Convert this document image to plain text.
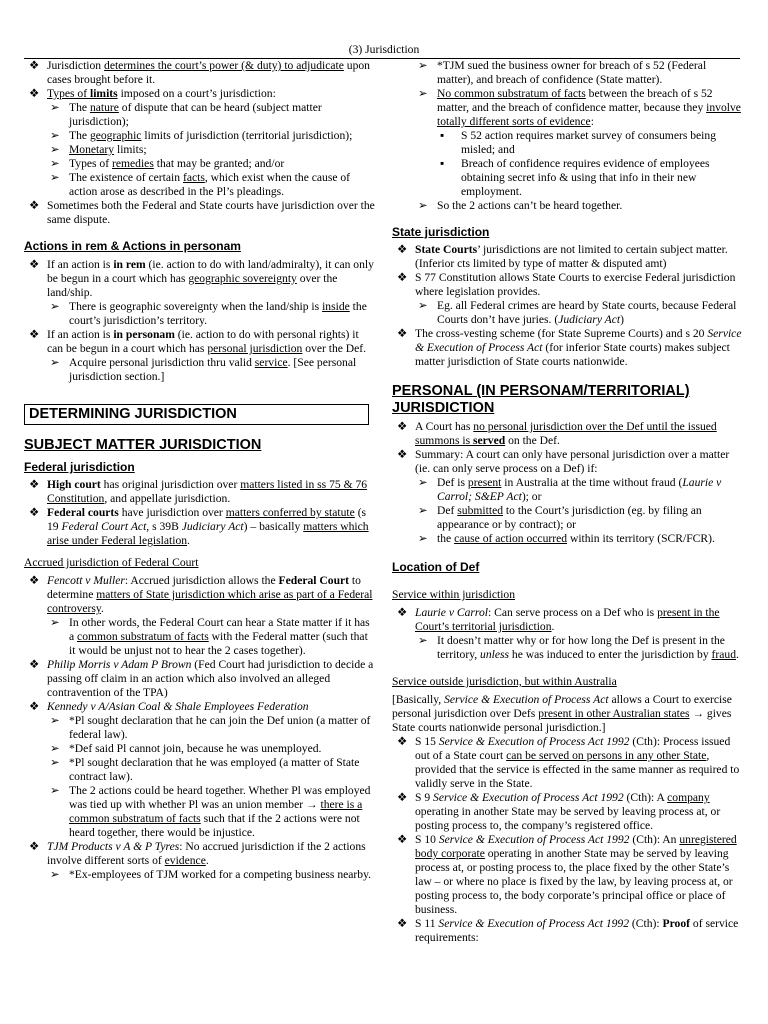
(3) Jurisdiction
❖ Jurisdiction determines the court’s power (& duty) to adjudicate upon cases brought before it.
❖ Types of limits imposed on a court’s jurisdiction:
➢ The nature of dispute that can be heard (subject matter jurisdiction);
➢ The geographic limits of jurisdiction (territorial jurisdiction);
➢ Monetary limits;
➢ Types of remedies that may be granted; and/or
➢ The existence of certain facts, which exist when the cause of action arose as described in the Pl’s pleadings.
❖ Sometimes both the Federal and State courts have jurisdiction over the same dispute.
Actions in rem & Actions in personam
❖ If an action is in rem (ie. action to do with land/admiralty), it can only be begun in a court which has geographic sovereignty over the land/ship.
➢ There is geographic sovereignty when the land/ship is inside the court’s jurisdiction’s territory.
❖ If an action is in personam (ie. action to do with personal rights) it can be begun in a court which has personal jurisdiction over the Def.
➢ Acquire personal jurisdiction thru valid service. [See personal jurisdiction section.]
DETERMINING JURISDICTION
SUBJECT MATTER JURISDICTION
Federal jurisdiction
❖ High court has original jurisdiction over matters listed in ss 75 & 76 Constitution, and appellate jurisdiction.
❖ Federal courts have jurisdiction over matters conferred by statute (s 19 Federal Court Act, s 39B Judiciary Act) – basically matters which arise under Federal legislation.
Accrued jurisdiction of Federal Court
❖ Fencott v Muller: Accrued jurisdiction allows the Federal Court to determine matters of State jurisdiction which arise as part of a Federal controversy.
➢ In other words, the Federal Court can hear a State matter if it has a common substratum of facts with the Federal matter (such that it would be unjust not to hear the 2 cases together).
❖ Philip Morris v Adam P Brown (Fed Court had jurisdiction to decide a passing off claim in an action which also involved an alleged contravention of the TPA)
❖ Kennedy v A/Asian Coal & Shale Employees Federation
➢ *Pl sought declaration that he can join the Def union (a matter of federal law).
➢ *Def said Pl cannot join, because he was unemployed.
➢ *Pl sought declaration that he was employed (a matter of State contract law).
➢ The 2 actions could be heard together. Whether Pl was employed was tied up with whether Pl was an union member → there is a common substratum of facts such that if the 2 actions were not heard together, there would be injustice.
❖ TJM Products v A & P Tyres: No accrued jurisdiction if the 2 actions involve different sorts of evidence.
➢ *Ex-employees of TJM worked for a competing business nearby.
➢ *TJM sued the business owner for breach of s 52 (Federal matter), and breach of confidence (State matter).
➢ No common substratum of facts between the breach of s 52 matter, and the breach of confidence matter, because they involve totally different sorts of evidence:
▪ S 52 action requires market survey of consumers being misled; and
▪ Breach of confidence requires evidence of employees obtaining secret info & using that info in their new employment.
➢ So the 2 actions can’t be heard together.
State jurisdiction
❖ State Courts’ jurisdictions are not limited to certain subject matter. (Inferior cts limited by type of matter & disputed amt)
❖ S 77 Constitution allows State Courts to exercise Federal jurisdiction where legislation provides.
➢ Eg. all Federal crimes are heard by State courts, because Federal Courts don’t have juries. (Judiciary Act)
❖ The cross-vesting scheme (for State Supreme Courts) and s 20 Service & Execution of Process Act (for inferior State courts) makes subject matter jurisdiction of State courts nationwide.
PERSONAL (IN PERSONAM/TERRITORIAL) JURISDICTION
❖ A Court has no personal jurisdiction over the Def until the issued summons is served on the Def.
❖ Summary: A court can only have personal jurisdiction over a matter (ie. can only serve process on a Def) if:
➢ Def is present in Australia at the time without fraud (Laurie v Carrol; S&EP Act); or
➢ Def submitted to the Court’s jurisdiction (eg. by filing an appearance or by contract); or
➢ the cause of action occurred within its territory (SCR/FCR).
Location of Def
Service within jurisdiction
❖ Laurie v Carrol: Can serve process on a Def who is present in the Court’s territorial jurisdiction.
➢ It doesn’t matter why or for how long the Def is present in the territory, unless he was induced to enter the jurisdiction by fraud.
Service outside jurisdiction, but within Australia
[Basically, Service & Execution of Process Act allows a Court to exercise personal jurisdiction over Defs present in other Australian states → gives State courts nationwide personal jurisdiction.]
❖ S 15 Service & Execution of Process Act 1992 (Cth): Process issued out of a State court can be served on persons in any other State, provided that the service is effected in the same manner as required to validly serve in the State.
❖ S 9 Service & Execution of Process Act 1992 (Cth): A company operating in another State may be served by leaving process at, or posting process to, the company’s registered office.
❖ S 10 Service & Execution of Process Act 1992 (Cth): An unregistered body corporate operating in another State may be served by leaving process at, or posting process to, the place fixed by the other State’s law – or where no place is fixed by the law, by leaving process at, or posting process to, the body corporate’s principal office or place of business.
❖ S 11 Service & Execution of Process Act 1992 (Cth): Proof of service requirements:
